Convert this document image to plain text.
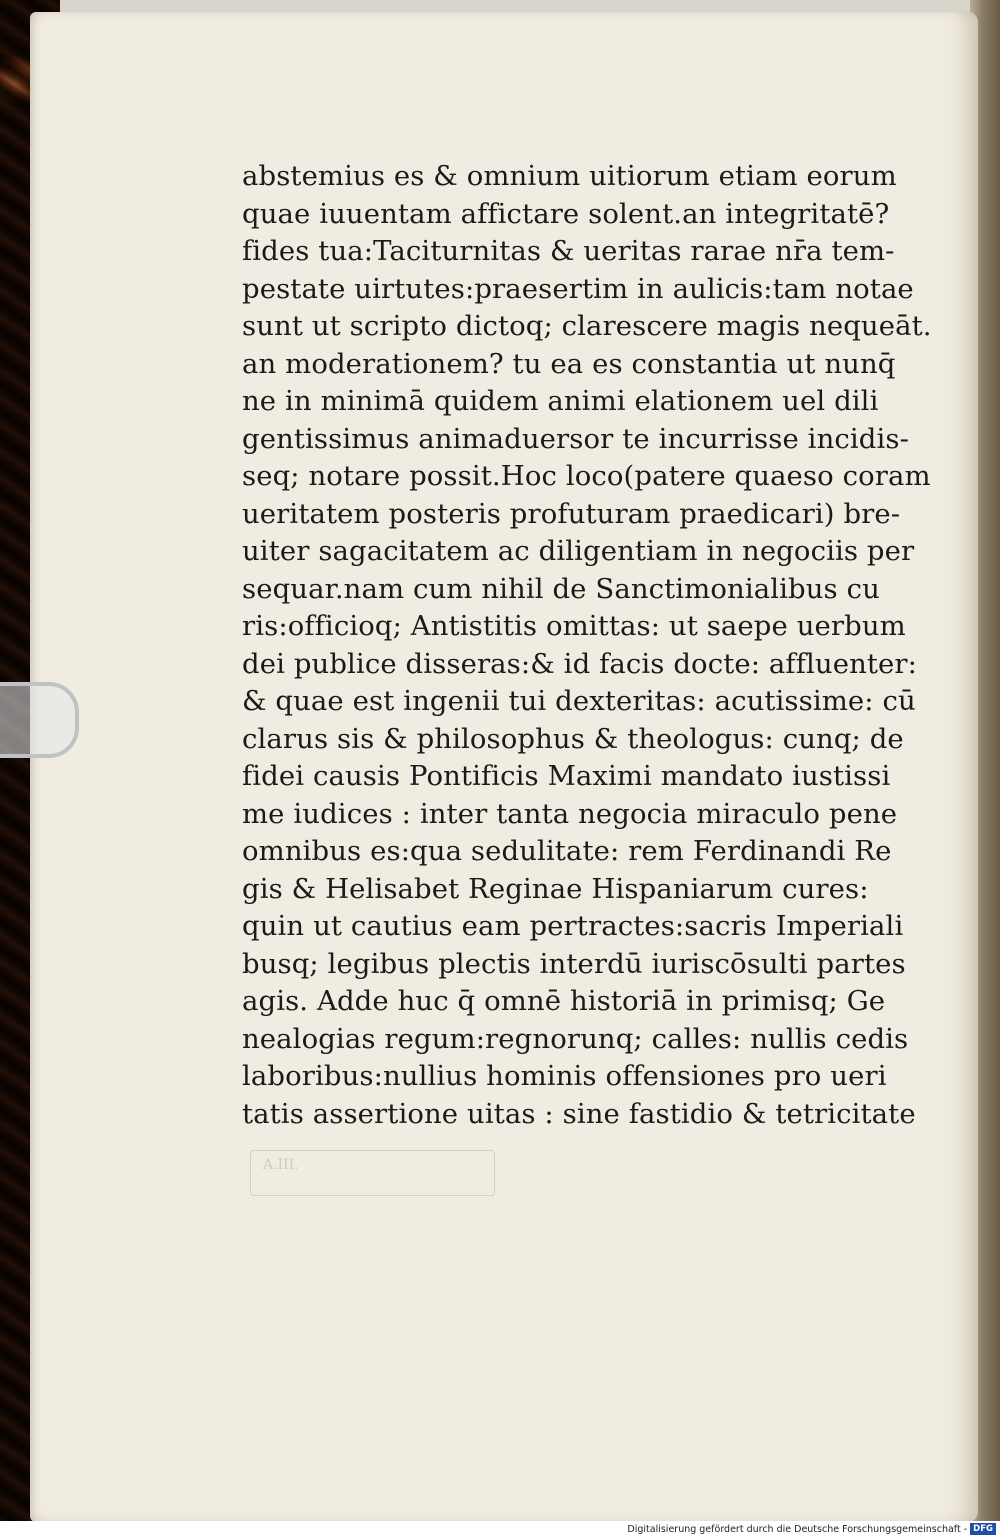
abstemius es & omnium uitiorum etiam eorum
quae iuuentam affictare solent.an integritatē?
fides tua:Taciturnitas & ueritas rarae nr̄a tem-
pestate uirtutes:praesertim in aulicis:tam notae
sunt ut scripto dictoq; clarescere magis nequeāt.
an moderationem? tu ea es constantia ut nunq̄
ne in minimā quidem animi elationem uel dili
gentissimus animaduersor te incurrisse incidis-
seq; notare possit.Hoc loco(patere quaeso coram
ueritatem posteris profuturam praedicari) bre-
uiter sagacitatem ac diligentiam in negociis per
sequar.nam cum nihil de Sanctimonialibus cu
ris:officioq; Antistitis omittas: ut saepe uerbum
dei publice disseras:& id facis docte: affluenter:
& quae est ingenii tui dexteritas: acutissime: cū
clarus sis & philosophus & theologus: cunq; de
fidei causis Pontificis Maximi mandato iustissi
me iudices : inter tanta negocia miraculo pene
omnibus es:qua sedulitate: rem Ferdinandi Re
gis & Helisabet Reginae Hispaniarum cures:
quin ut cautius eam pertractes:sacris Imperiali
busq; legibus plectis interdū iuriscōsulti partes
agis. Adde huc q̄ omnē historiā in primisq; Ge
nealogias regum:regnorunq; calles: nullis cedis
laboribus:nullius hominis offensiones pro ueri
tatis assertione uitas : sine fastidio & tetricitate
A.III.
Digitalisierung gefördert durch die Deutsche Forschungsgemeinschaft - DFG
